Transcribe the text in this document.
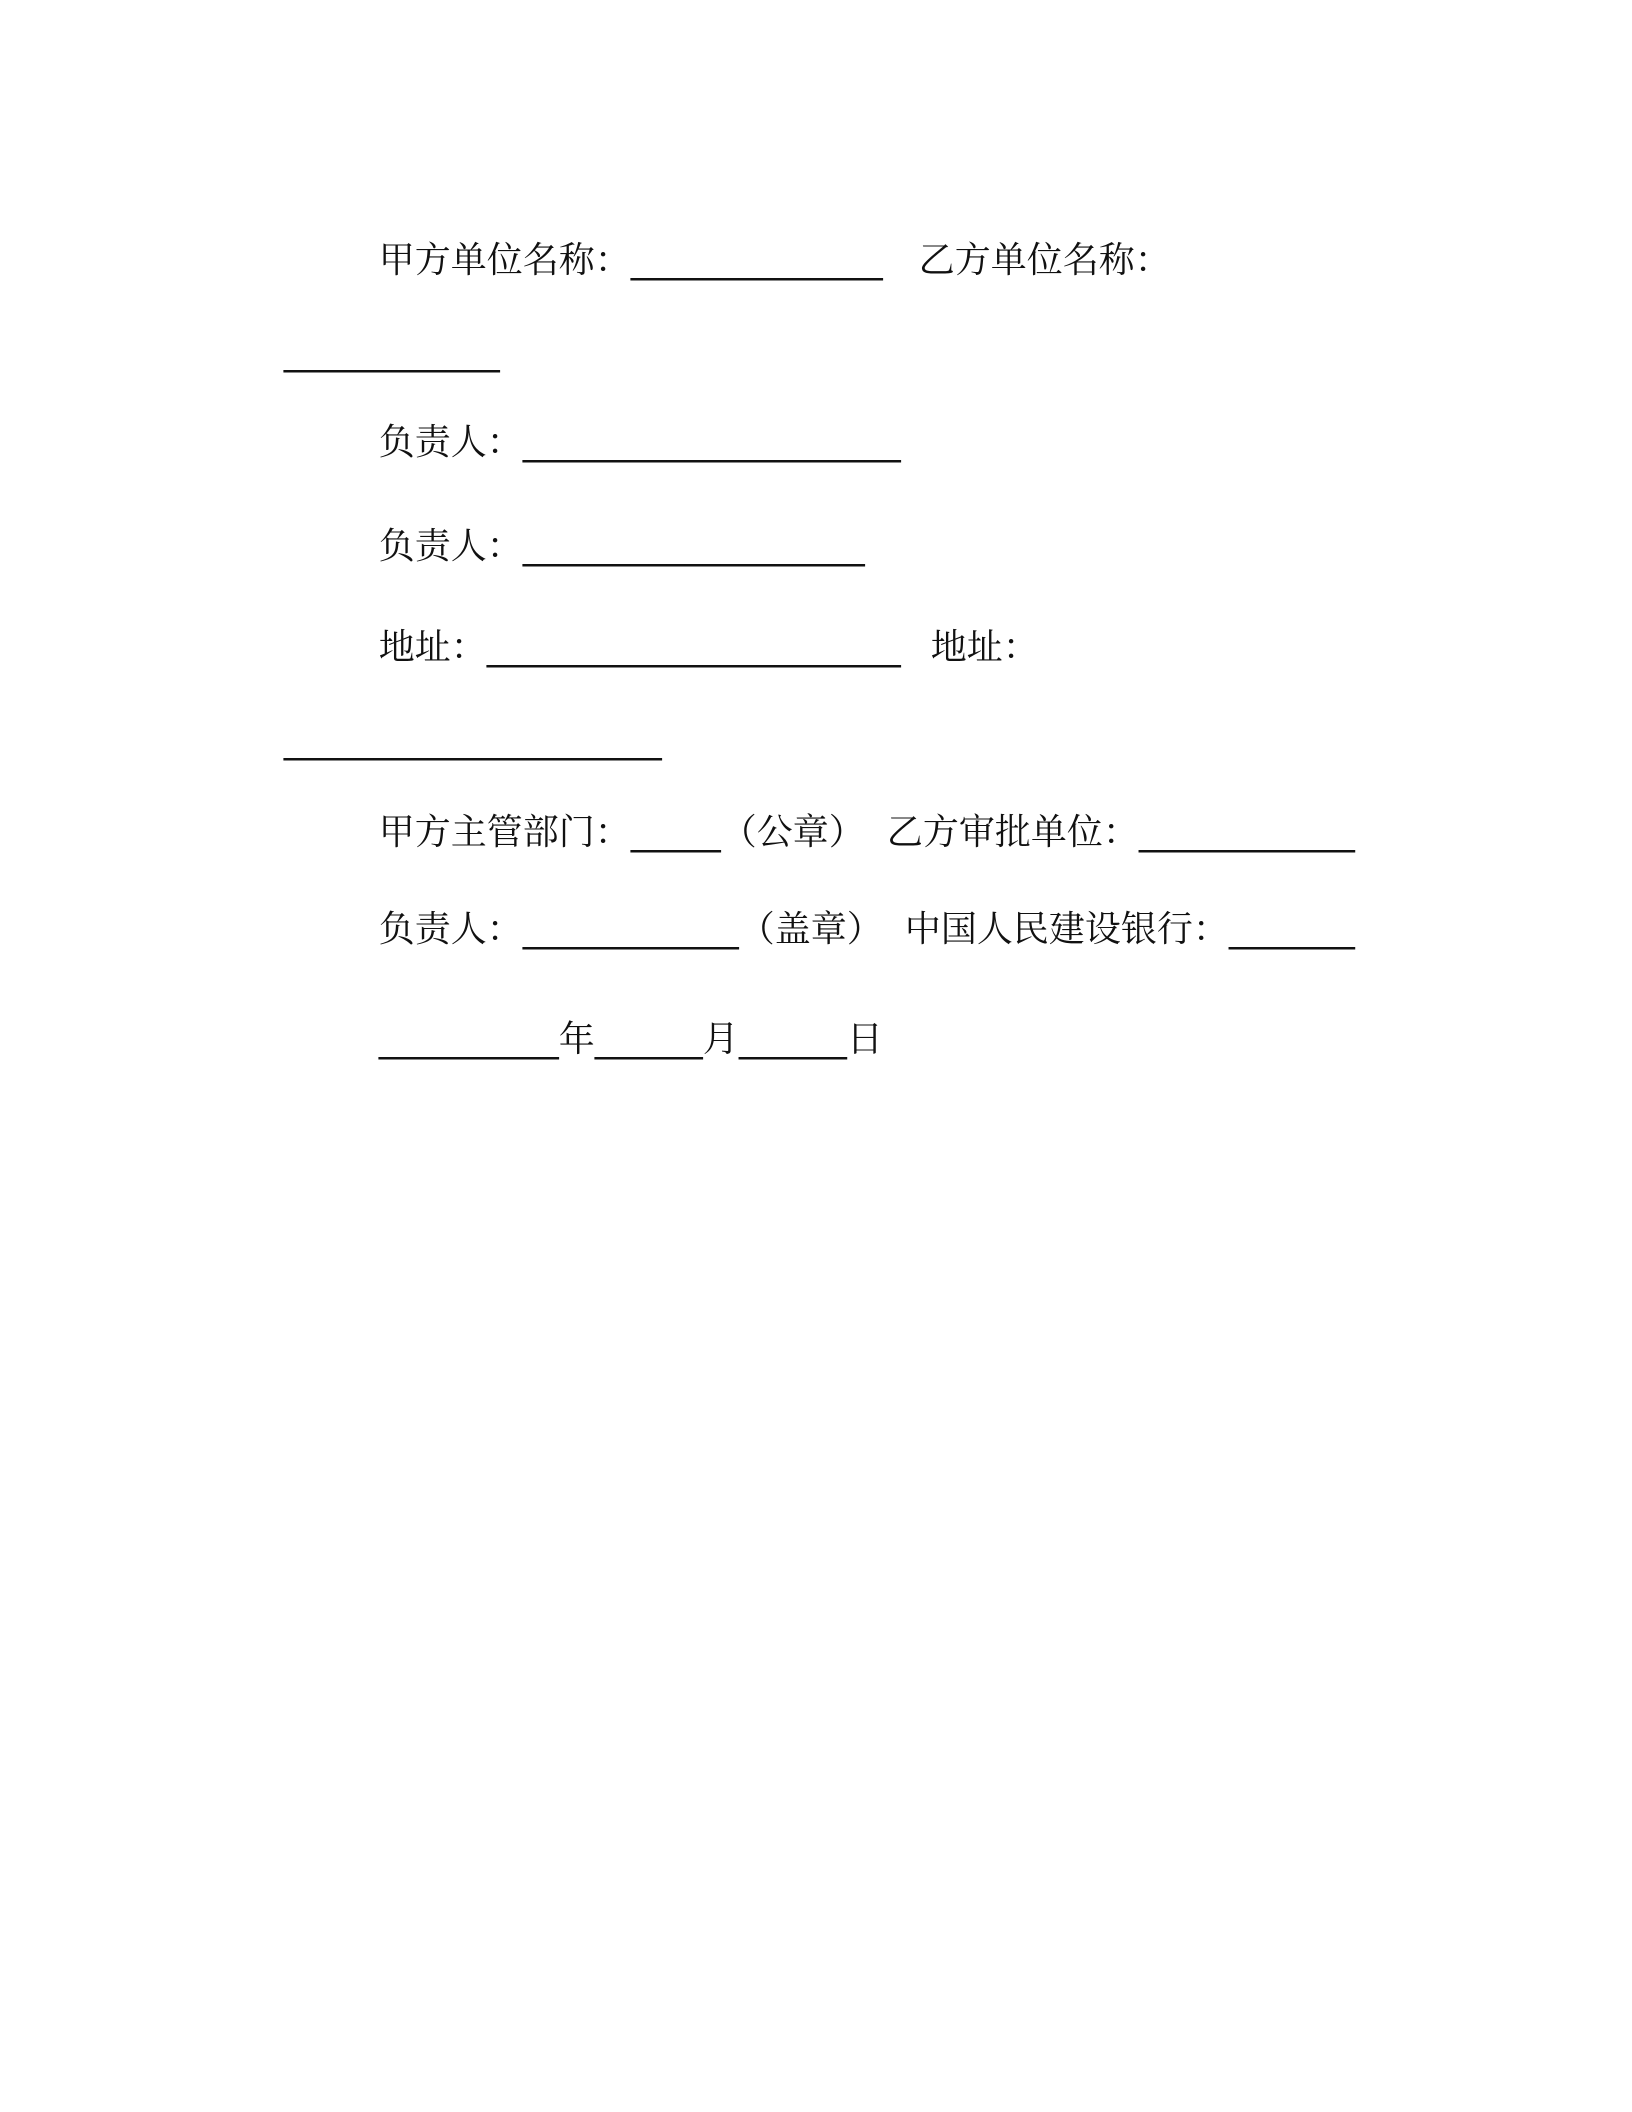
甲方单位名称：______________ 乙方单位名称：

____________

负责人：_____________________

负责人：___________________

地址：_______________________ 地址：

_____________________

甲方主管部门：_____（公章） 乙方审批单位：____________

负责人：____________（盖章） 中国人民建设银行：_______

__________年______月______日
